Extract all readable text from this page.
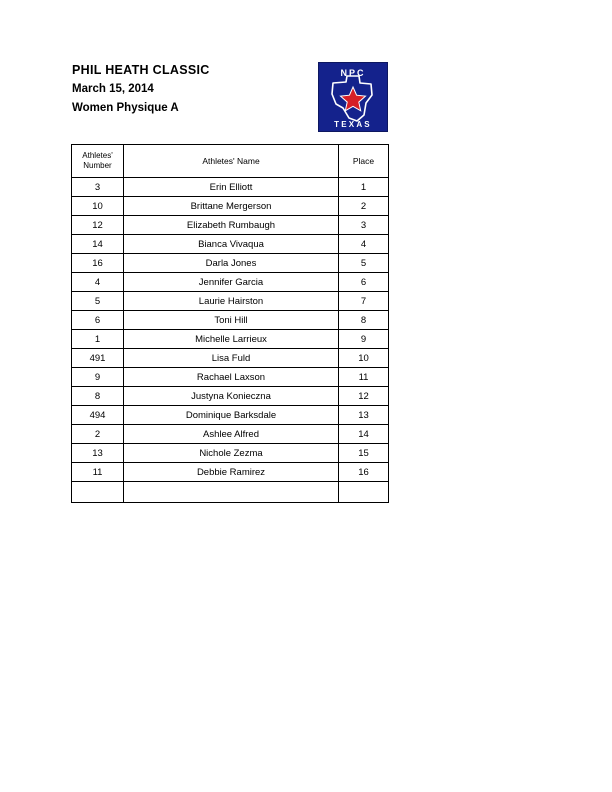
PHIL HEATH CLASSIC

March 15, 2014

Women Physique A

NPC
TEXAS
Athletes'
Number	Athletes' Name	Place
3	Erin Elliott	1
10	Brittane Mergerson	2
12	Elizabeth Rumbaugh	3
14	Bianca Vivaqua	4
16	Darla Jones	5
4	Jennifer Garcia	6
5	Laurie Hairston	7
6	Toni Hill	8
1	Michelle Larrieux	9
491	Lisa Fuld	10
9	Rachael Laxson	11
8	Justyna Konieczna	12
494	Dominique Barksdale	13
2	Ashlee Alfred	14
13	Nichole Zezma	15
11	Debbie Ramirez	16
